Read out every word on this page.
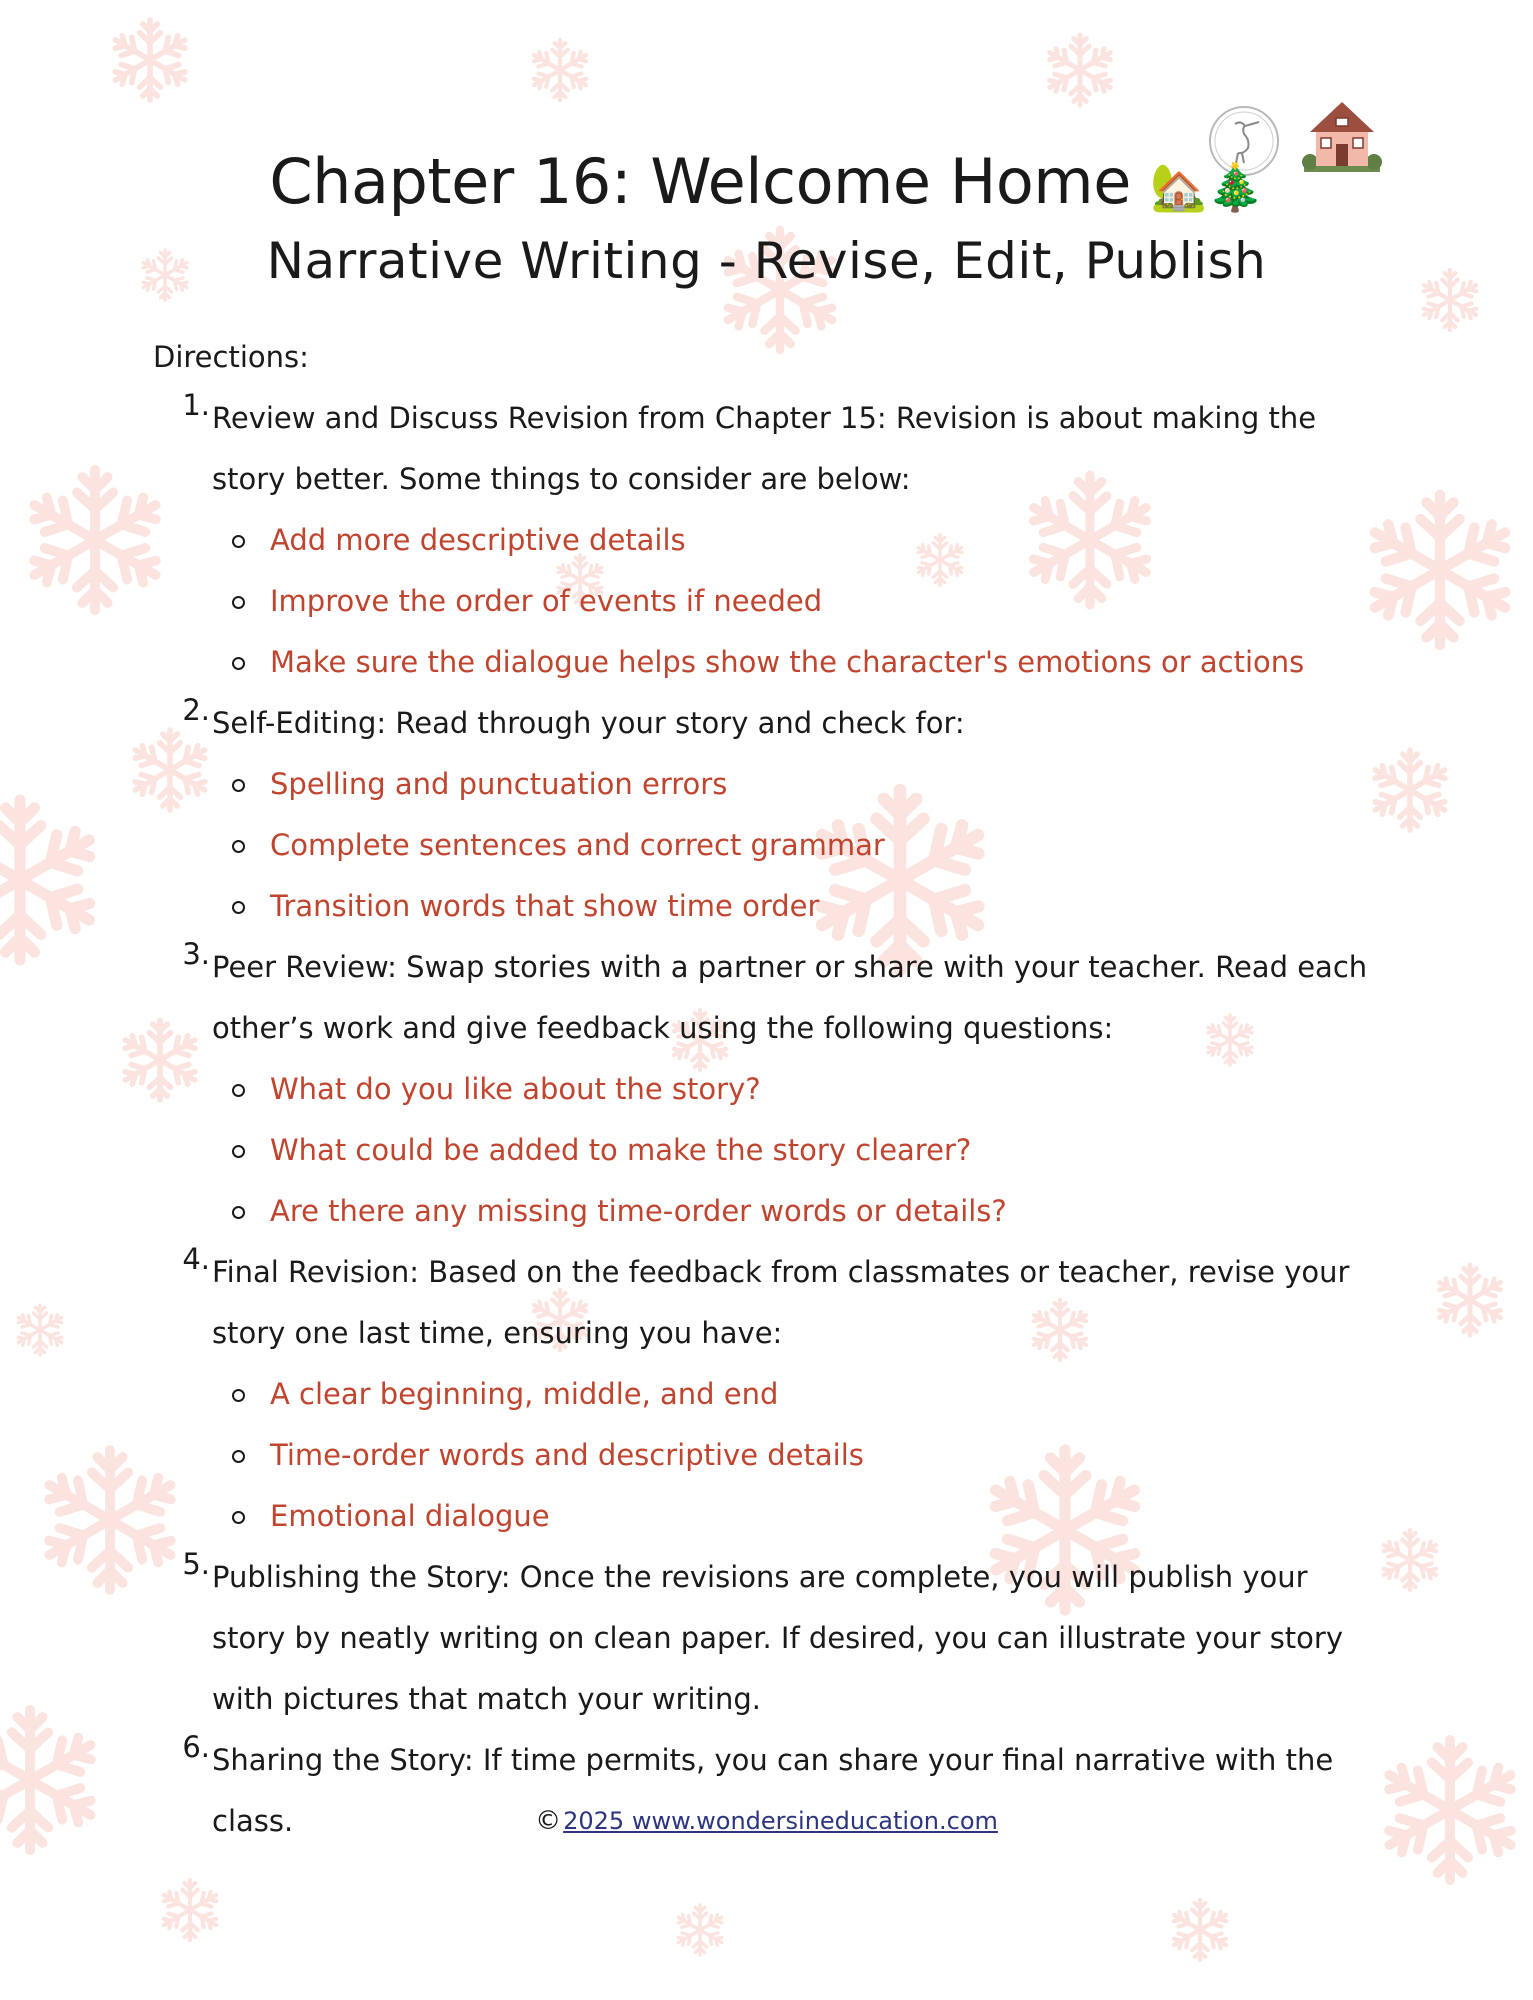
Chapter 16: Welcome Home 🏡🎄
Narrative Writing - Revise, Edit, Publish
Directions:
1. Review and Discuss Revision from Chapter 15: Revision is about making the story better. Some things to consider are below:
Add more descriptive details
Improve the order of events if needed
Make sure the dialogue helps show the character's emotions or actions
2. Self-Editing: Read through your story and check for:
Spelling and punctuation errors
Complete sentences and correct grammar
Transition words that show time order
3. Peer Review: Swap stories with a partner or share with your teacher. Read each other’s work and give feedback using the following questions:
What do you like about the story?
What could be added to make the story clearer?
Are there any missing time-order words or details?
4. Final Revision: Based on the feedback from classmates or teacher, revise your story one last time, ensuring you have:
A clear beginning, middle, and end
Time-order words and descriptive details
Emotional dialogue
5. Publishing the Story: Once the revisions are complete, you will publish your story by neatly writing on clean paper. If desired, you can illustrate your story with pictures that match your writing.
6. Sharing the Story: If time permits, you can share your final narrative with the class.	©2025 www.wondersineducation.com
